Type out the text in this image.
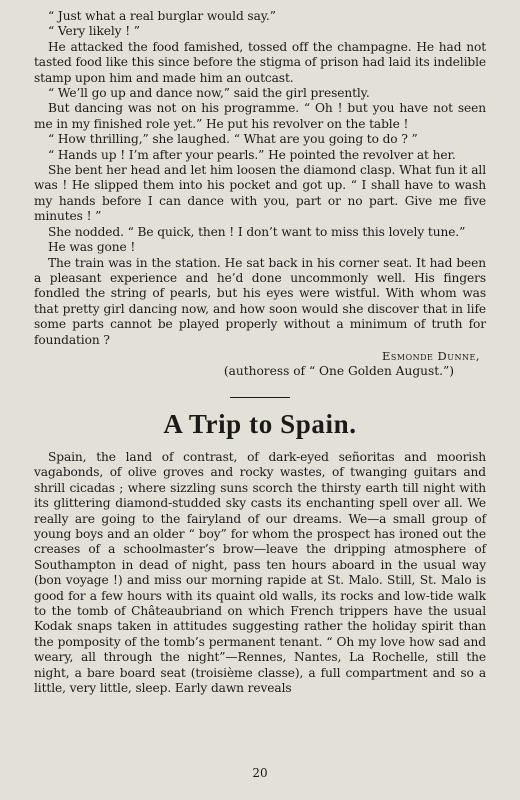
“ Just what a real burglar would say.”

“ Very likely ! ”

He attacked the food famished, tossed off the champagne. He had not tasted food like this since before the stigma of prison had laid its indelible stamp upon him and made him an outcast.

“ We’ll go up and dance now,” said the girl presently.

But dancing was not on his programme. “ Oh ! but you have not seen me in my finished role yet.” He put his revolver on the table !

“ How thrilling,” she laughed. “ What are you going to do ? ”

“ Hands up ! I’m after your pearls.” He pointed the revolver at her.

She bent her head and let him loosen the diamond clasp. What fun it all was ! He slipped them into his pocket and got up. “ I shall have to wash my hands before I can dance with you, part or no part. Give me five minutes ! ”

She nodded. “ Be quick, then ! I don’t want to miss this lovely tune.”

He was gone !

The train was in the station. He sat back in his corner seat. It had been a pleasant experience and he’d done uncommonly well. His fingers fondled the string of pearls, but his eyes were wistful. With whom was that pretty girl dancing now, and how soon would she discover that in life some parts cannot be played properly without a minimum of truth for foundation ?

Esmonde Dunne,

(authoress of “ One Golden August.”)

A Trip to Spain.

Spain, the land of contrast, of dark-eyed señoritas and moorish vagabonds, of olive groves and rocky wastes, of twanging guitars and shrill cicadas ; where sizzling suns scorch the thirsty earth till night with its glittering diamond-studded sky casts its enchanting spell over all. We really are going to the fairyland of our dreams. We—a small group of young boys and an older “ boy” for whom the prospect has ironed out the creases of a schoolmaster’s brow—leave the dripping atmosphere of Southampton in dead of night, pass ten hours aboard in the usual way (bon voyage !) and miss our morning rapide at St. Malo. Still, St. Malo is good for a few hours with its quaint old walls, its rocks and low-tide walk to the tomb of Châteaubriand on which French trippers have the usual Kodak snaps taken in attitudes suggesting rather the holiday spirit than the pomposity of the tomb’s permanent tenant. “ Oh my love how sad and weary, all through the night”—Rennes, Nantes, La Rochelle, still the night, a bare board seat (troisième classe), a full compartment and so a little, very little, sleep. Early dawn reveals

20
